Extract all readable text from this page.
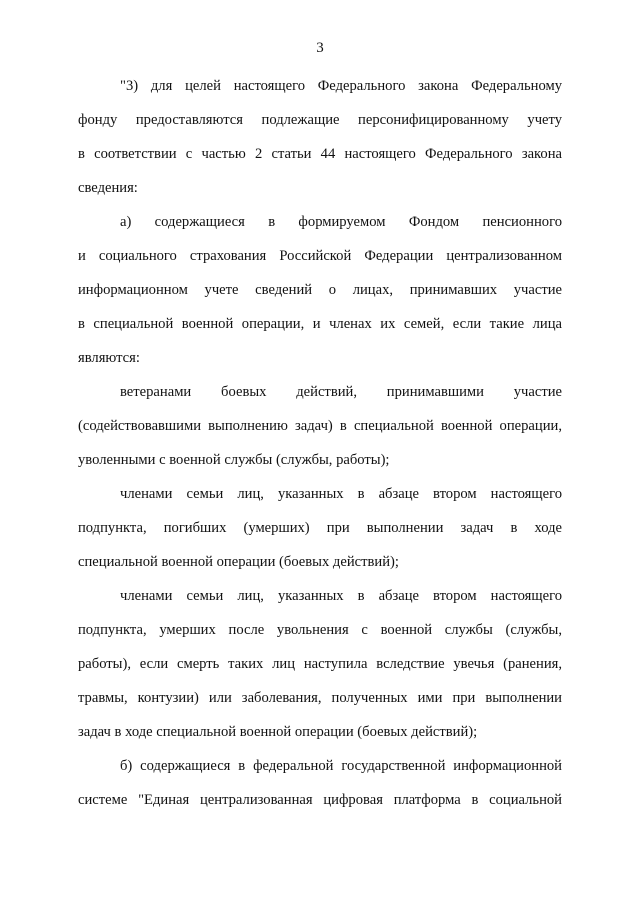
3
"3) для целей настоящего Федерального закона Федеральному
фонду предоставляются подлежащие персонифицированному учету
в соответствии с частью 2 статьи 44 настоящего Федерального закона
сведения:
а) содержащиеся в формируемом Фондом пенсионного
и социального страхования Российской Федерации централизованном
информационном учете сведений о лицах, принимавших участие
в специальной военной операции, и членах их семей, если такие лица
являются:
ветеранами боевых действий, принимавшими участие
(содействовавшими выполнению задач) в специальной военной операции,
уволенными с военной службы (службы, работы);
членами семьи лиц, указанных в абзаце втором настоящего
подпункта, погибших (умерших) при выполнении задач в ходе
специальной военной операции (боевых действий);
членами семьи лиц, указанных в абзаце втором настоящего
подпункта, умерших после увольнения с военной службы (службы,
работы), если смерть таких лиц наступила вследствие увечья (ранения,
травмы, контузии) или заболевания, полученных ими при выполнении
задач в ходе специальной военной операции (боевых действий);
б) содержащиеся в федеральной государственной информационной
системе "Единая централизованная цифровая платформа в социальной
